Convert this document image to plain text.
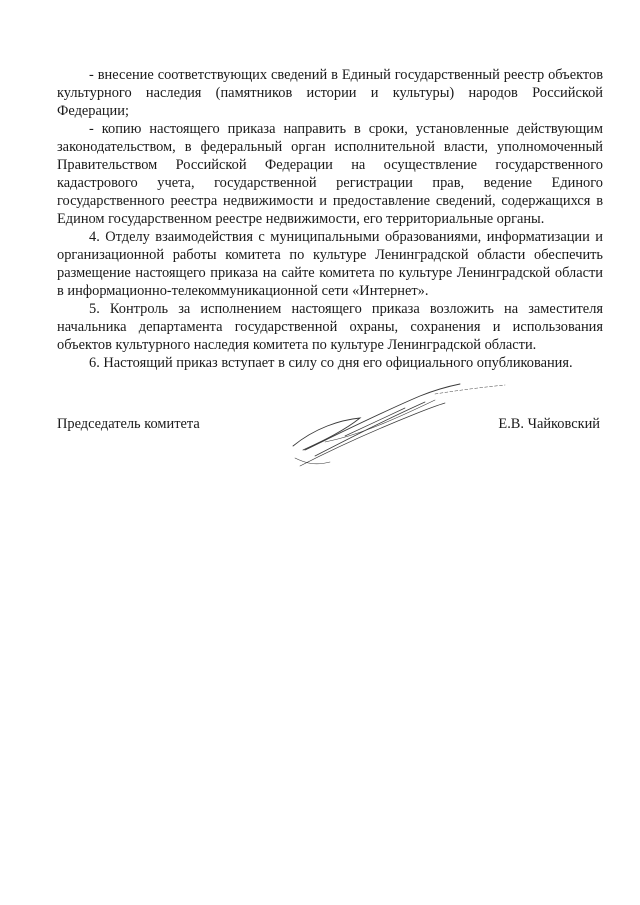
- внесение соответствующих сведений в Единый государственный реестр объектов культурного наследия (памятников истории и культуры) народов Российской Федерации;

- копию настоящего приказа направить в сроки, установленные действующим законодательством, в федеральный орган исполнительной власти, уполномоченный Правительством Российской Федерации на осуществление государственного кадастрового учета, государственной регистрации прав, ведение Единого государственного реестра недвижимости и предоставление сведений, содержащихся в Едином государственном реестре недвижимости, его территориальные органы.

4. Отделу взаимодействия с муниципальными образованиями, информатизации и организационной работы комитета по культуре Ленинградской области обеспечить размещение настоящего приказа на сайте комитета по культуре Ленинградской области в информационно-телекоммуникационной сети «Интернет».

5. Контроль за исполнением настоящего приказа возложить на заместителя начальника департамента государственной охраны, сохранения и использования объектов культурного наследия комитета по культуре Ленинградской области.

6. Настоящий приказ вступает в силу со дня его официального опубликования.

Председатель комитета	Е.В. Чайковский
